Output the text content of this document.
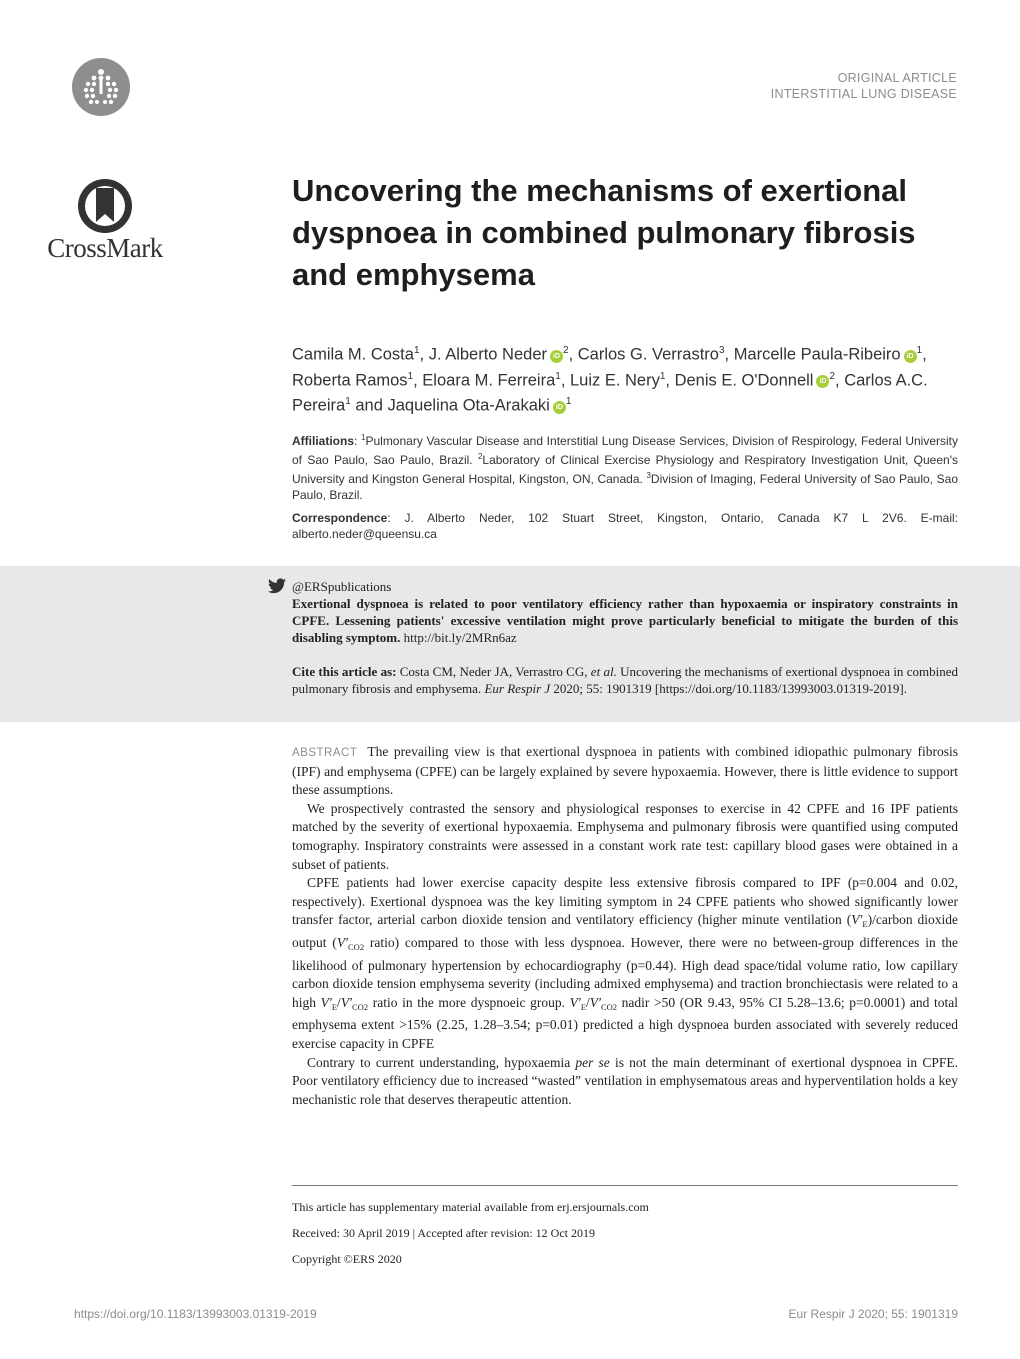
CrossMark
ORIGINAL ARTICLE
INTERSTITIAL LUNG DISEASE
Uncovering the mechanisms of exertional dyspnoea in combined pulmonary fibrosis and emphysema
Camila M. Costa$^1$, J. Alberto Neder iD $^2$, Carlos G. Verrastro$^3$, Marcelle Paula-Ribeiro iD $^1$, Roberta Ramos$^1$, Eloara M. Ferreira$^1$, Luiz E. Nery$^1$, Denis E. O'Donnell iD $^2$, Carlos A.C. Pereira$^1$ and Jaquelina Ota-Arakaki iD $^1$
Affiliations: $^1$Pulmonary Vascular Disease and Interstitial Lung Disease Services, Division of Respirology, Federal University of Sao Paulo, Sao Paulo, Brazil. $^2$Laboratory of Clinical Exercise Physiology and Respiratory Investigation Unit, Queen's University and Kingston General Hospital, Kingston, ON, Canada. $^3$Division of Imaging, Federal University of Sao Paulo, Sao Paulo, Brazil.
Correspondence: J. Alberto Neder, 102 Stuart Street, Kingston, Ontario, Canada K7 L 2V6. E-mail: alberto.neder@queensu.ca
@ERSpublications
Exertional dyspnoea is related to poor ventilatory efficiency rather than hypoxaemia or inspiratory constraints in CPFE. Lessening patients' excessive ventilation might prove particularly beneficial to mitigate the burden of this disabling symptom. http://bit.ly/2MRn6az
Cite this article as: Costa CM, Neder JA, Verrastro CG, et al. Uncovering the mechanisms of exertional dyspnoea in combined pulmonary fibrosis and emphysema. Eur Respir J 2020; 55: 1901319 [https://doi.org/10.1183/13993003.01319-2019].

ABSTRACT The prevailing view is that exertional dyspnoea in patients with combined idiopathic pulmonary fibrosis (IPF) and emphysema (CPFE) can be largely explained by severe hypoxaemia. However, there is little evidence to support these assumptions.

We prospectively contrasted the sensory and physiological responses to exercise in 42 CPFE and 16 IPF patients matched by the severity of exertional hypoxaemia. Emphysema and pulmonary fibrosis were quantified using computed tomography. Inspiratory constraints were assessed in a constant work rate test: capillary blood gases were obtained in a subset of patients.

CPFE patients had lower exercise capacity despite less extensive fibrosis compared to IPF (p=0.004 and 0.02, respectively). Exertional dyspnoea was the key limiting symptom in 24 CPFE patients who showed significantly lower transfer factor, arterial carbon dioxide tension and ventilatory efficiency (higher minute ventilation $(V'_E)$/carbon dioxide output ($V'_{CO2}$ ratio) compared to those with less dyspnoea. However, there were no between-group differences in the likelihood of pulmonary hypertension by echocardiography (p=0.44). High dead space/tidal volume ratio, low capillary carbon dioxide tension emphysema severity (including admixed emphysema) and traction bronchiectasis were related to a high $V'_E/V'_{CO2}$ ratio in the more dyspnoeic group. $V'_E/V'_{CO2}$ nadir >50 (OR 9.43, 95% CI 5.28–13.6; p=0.0001) and total emphysema extent >15% (2.25, 1.28–3.54; p=0.01) predicted a high dyspnoea burden associated with severely reduced exercise capacity in CPFE

Contrary to current understanding, hypoxaemia per se is not the main determinant of exertional dyspnoea in CPFE. Poor ventilatory efficiency due to increased “wasted” ventilation in emphysematous areas and hyperventilation holds a key mechanistic role that deserves therapeutic attention.

This article has supplementary material available from erj.ersjournals.com
Received: 30 April 2019 | Accepted after revision: 12 Oct 2019
Copyright ©ERS 2020
https://doi.org/10.1183/13993003.01319-2019	Eur Respir J 2020; 55: 1901319
